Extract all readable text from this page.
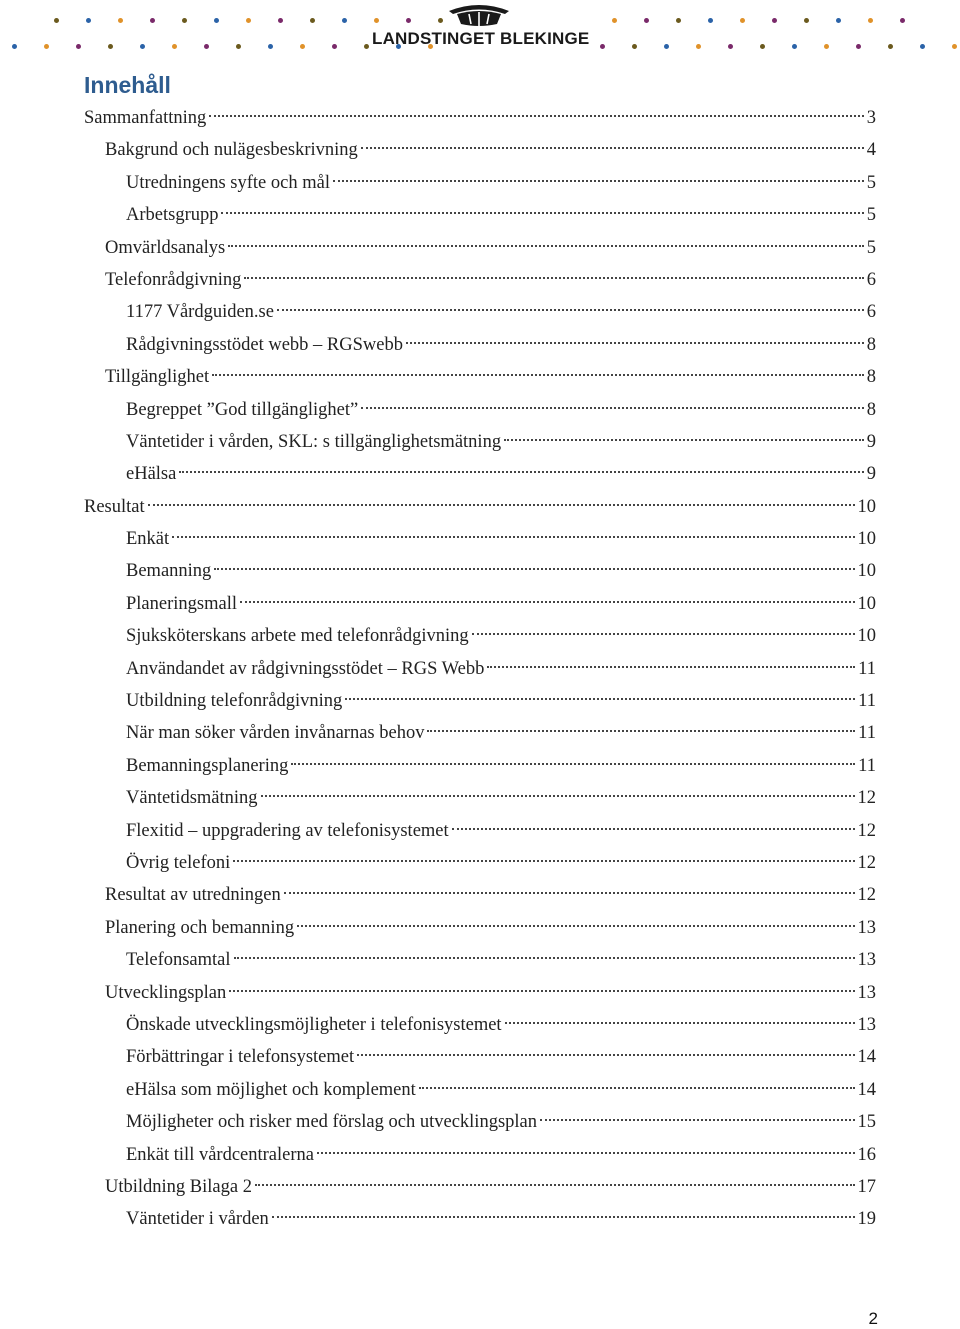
LANDSTINGET BLEKINGE
Innehåll
Sammanfattning	3
Bakgrund och nulägesbeskrivning	4
Utredningens syfte och mål	5
Arbetsgrupp	5
Omvärldsanalys	5
Telefonrådgivning	6
1177 Vårdguiden.se	6
Rådgivningsstödet webb – RGSwebb	8
Tillgänglighet	8
Begreppet ”God tillgänglighet”	8
Väntetider i vården, SKL: s tillgänglighetsmätning	9
eHälsa	9
Resultat	10
Enkät	10
Bemanning	10
Planeringsmall	10
Sjuksköterskans arbete med telefonrådgivning	10
Användandet av rådgivningsstödet – RGS Webb	11
Utbildning telefonrådgivning	11
När man söker vården invånarnas behov	11
Bemanningsplanering	11
Väntetidsmätning	12
Flexitid – uppgradering av telefonisystemet	12
Övrig telefoni	12
Resultat av utredningen	12
Planering och bemanning	13
Telefonsamtal	13
Utvecklingsplan	13
Önskade utvecklingsmöjligheter i telefonisystemet	13
Förbättringar i telefonsystemet	14
eHälsa som möjlighet och komplement	14
Möjligheter och risker med förslag och utvecklingsplan	15
Enkät till vårdcentralerna	16
Utbildning Bilaga 2	17
Väntetider i vården	19
2
